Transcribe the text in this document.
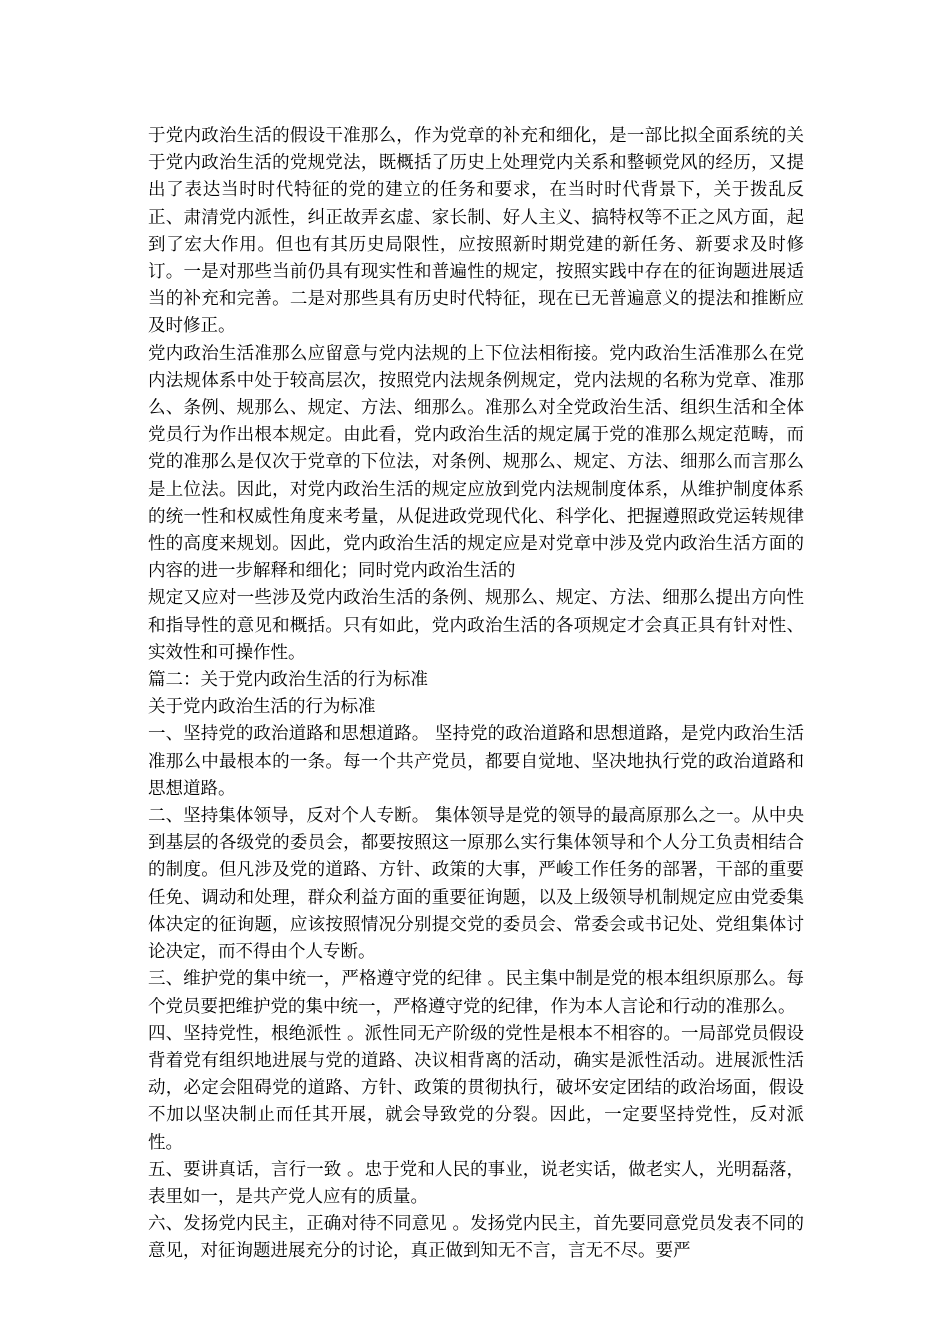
于党内政治生活的假设干准那么，作为党章的补充和细化，是一部比拟全面系统的关于党内政治生活的党规党法，既概括了历史上处理党内关系和整顿党风的经历，又提出了表达当时时代特征的党的建立的任务和要求，在当时时代背景下，关于拨乱反正、肃清党内派性，纠正故弄玄虚、家长制、好人主义、搞特权等不正之风方面，起到了宏大作用。但也有其历史局限性，应按照新时期党建的新任务、新要求及时修订。一是对那些当前仍具有现实性和普遍性的规定，按照实践中存在的征询题进展适当的补充和完善。二是对那些具有历史时代特征，现在已无普遍意义的提法和推断应及时修正。

党内政治生活准那么应留意与党内法规的上下位法相衔接。党内政治生活准那么在党内法规体系中处于较高层次，按照党内法规条例规定，党内法规的名称为党章、准那么、条例、规那么、规定、方法、细那么。准那么对全党政治生活、组织生活和全体党员行为作出根本规定。由此看，党内政治生活的规定属于党的准那么规定范畴，而党的准那么是仅次于党章的下位法，对条例、规那么、规定、方法、细那么而言那么是上位法。因此，对党内政治生活的规定应放到党内法规制度体系，从维护制度体系的统一性和权威性角度来考量，从促进政党现代化、科学化、把握遵照政党运转规律性的高度来规划。因此，党内政治生活的规定应是对党章中涉及党内政治生活方面的内容的进一步解释和细化；同时党内政治生活的

规定又应对一些涉及党内政治生活的条例、规那么、规定、方法、细那么提出方向性和指导性的意见和概括。只有如此，党内政治生活的各项规定才会真正具有针对性、实效性和可操作性。

篇二：关于党内政治生活的行为标准

关于党内政治生活的行为标准

一、坚持党的政治道路和思想道路。 坚持党的政治道路和思想道路，是党内政治生活准那么中最根本的一条。每一个共产党员，都要自觉地、坚决地执行党的政治道路和思想道路。

二、坚持集体领导，反对个人专断。 集体领导是党的领导的最高原那么之一。从中央到基层的各级党的委员会，都要按照这一原那么实行集体领导和个人分工负责相结合的制度。但凡涉及党的道路、方针、政策的大事，严峻工作任务的部署，干部的重要任免、调动和处理，群众利益方面的重要征询题，以及上级领导机制规定应由党委集体决定的征询题，应该按照情况分别提交党的委员会、常委会或书记处、党组集体讨论决定，而不得由个人专断。

三、维护党的集中统一，严格遵守党的纪律 。民主集中制是党的根本组织原那么。每个党员要把维护党的集中统一，严格遵守党的纪律，作为本人言论和行动的准那么。

四、坚持党性，根绝派性 。派性同无产阶级的党性是根本不相容的。一局部党员假设背着党有组织地进展与党的道路、决议相背离的活动，确实是派性活动。进展派性活动，必定会阻碍党的道路、方针、政策的贯彻执行，破坏安定团结的政治场面，假设不加以坚决制止而任其开展，就会导致党的分裂。因此，一定要坚持党性，反对派性。

五、要讲真话，言行一致 。忠于党和人民的事业，说老实话，做老实人，光明磊落，表里如一，是共产党人应有的质量。

六、发扬党内民主，正确对待不同意见 。发扬党内民主，首先要同意党员发表不同的意见，对征询题进展充分的讨论，真正做到知无不言，言无不尽。要严
